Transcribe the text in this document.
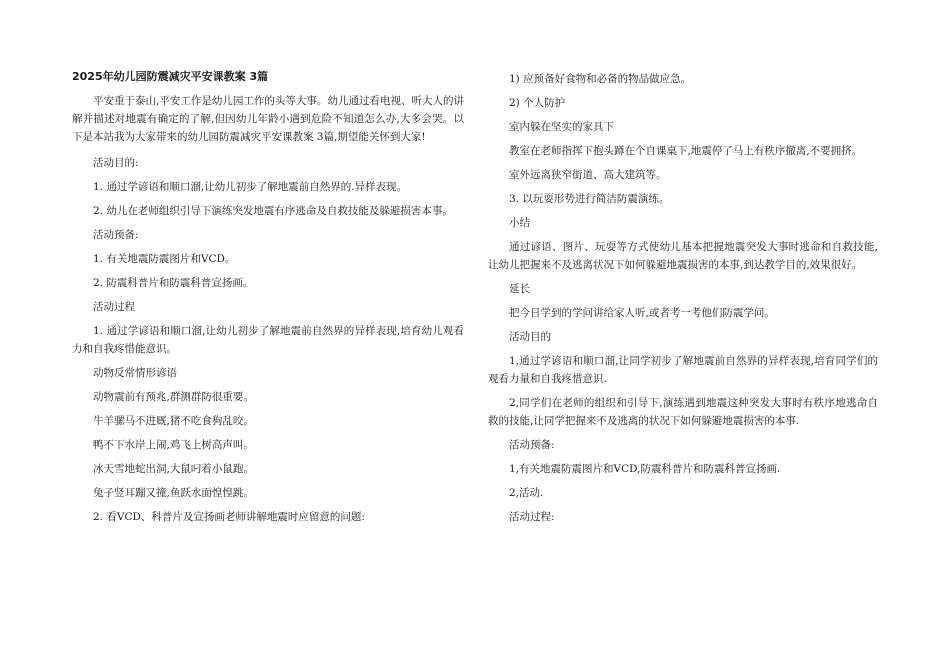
2025年幼儿园防震减灾平安课教案 3篇

平安重于泰山,平安工作是幼儿园工作的头等大事。幼儿通过看电视、听大人的讲解并描述对地震有确定的了解,但因幼儿年龄小遇到危险不知道怎么办,大多会哭。以下是本站我为大家带来的幼儿园防震减灾平安课教案 3篇,期望能关怀到大家!

活动目的:

1. 通过学谚语和顺口溜,让幼儿初步了解地震前自然界的.异样表现。

2. 幼儿在老师组织引导下演练突发地震有序逃命及自救技能及躲避损害本事。

活动预备:

1. 有关地震防震图片和VCD。

2. 防震科普片和防震科普宣扬画。

活动过程

1. 通过学谚语和顺口溜,让幼儿初步了解地震前自然界的异样表现,培育幼儿观看力和自我疼惜能意识。

动物反常情形谚语

动物震前有预兆,群测群防很重要。

牛羊骡马不进厩,猪不吃食狗乱咬。

鸭不下水岸上闹,鸡飞上树高声叫。

冰天雪地蛇出洞,大鼠叼着小鼠跑。

兔子竖耳蹦又撞,鱼跃水面惶惶跳。

2. 看VCD、科普片及宣扬画老师讲解地震时应留意的问题:

1) 应预备好食物和必备的物品做应急。

2) 个人防护

室内躲在坚实的家具下

教室在老师指挥下抱头蹲在个自课桌下,地震停了马上有秩序撤离,不要拥挤。

室外远离狭窄街道、高大建筑等。

3. 以玩耍形势进行简洁防震演练。

小结

通过谚语、图片、玩耍等方式使幼儿基本把握地震突发大事时逃命和自救技能,让幼儿把握来不及逃离状况下如何躲避地震损害的本事,到达教学目的,效果很好。

延长

把今日学到的学问讲给家人听,或者考一考他们防震学问。

活动目的

1,通过学谚语和顺口溜,让同学初步了解地震前自然界的异样表现,培育同学们的观看力量和自我疼惜意识.

2,同学们在老师的组织和引导下,演练遇到地震这种突发大事时有秩序地逃命自救的技能,让同学把握来不及逃离的状况下如何躲避地震损害的本事.

活动预备:

1,有关地震防震图片和VCD,防震科普片和防震科普宣扬画.

2,活动.

活动过程:
